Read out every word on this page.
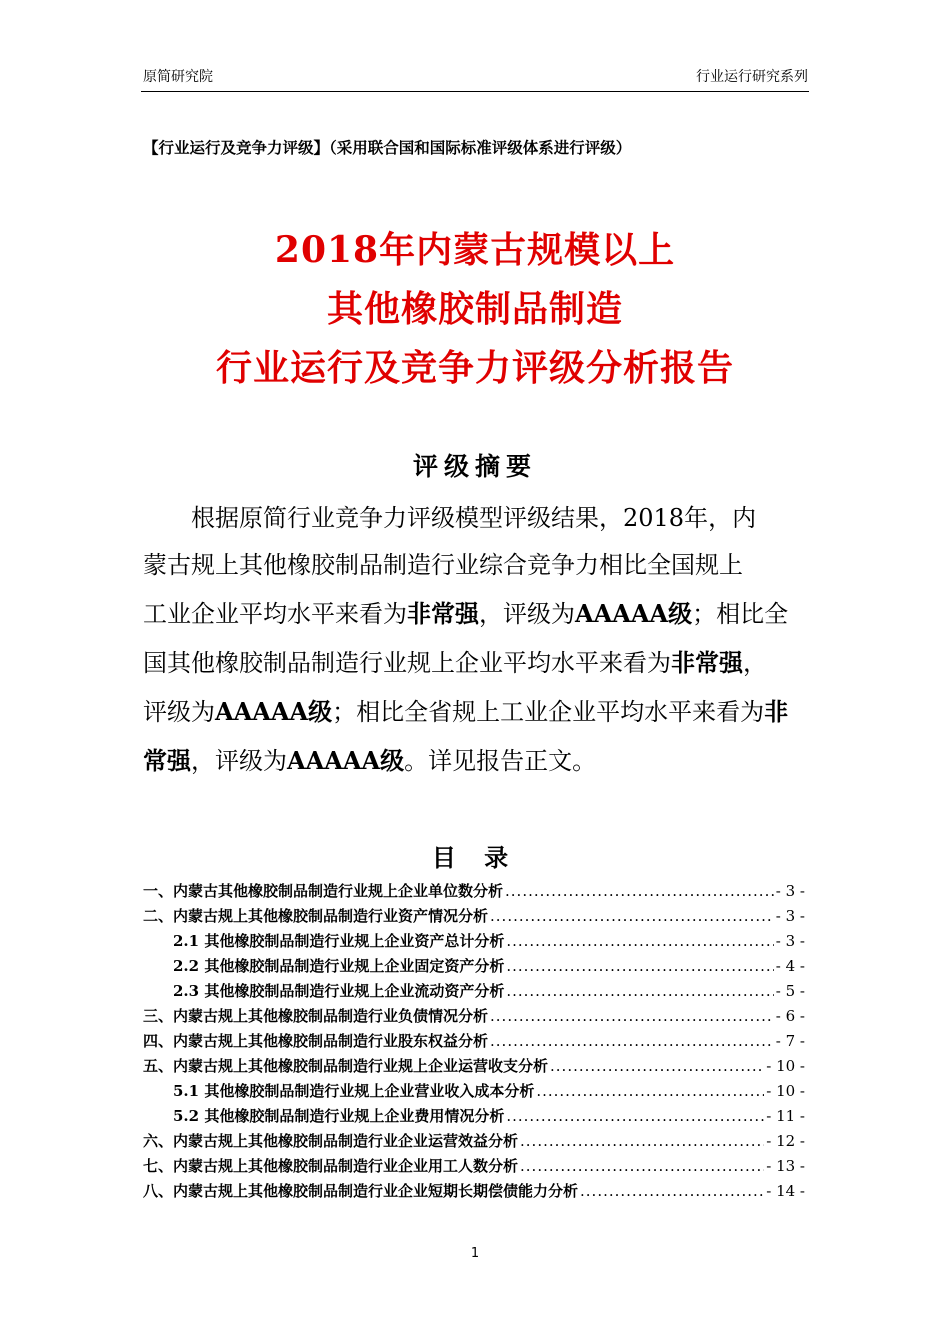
原简研究院	行业运行研究系列
【行业运行及竞争力评级】（采用联合国和国际标准评级体系进行评级）
2018年内蒙古规模以上
其他橡胶制品制造
行业运行及竞争力评级分析报告
评级摘要
　　根据原简行业竞争力评级模型评级结果，2018年，内
蒙古规上其他橡胶制品制造行业综合竞争力相比全国规上
工业企业平均水平来看为非常强，评级为AAAAA级；相比全
国其他橡胶制品制造行业规上企业平均水平来看为非常强，
评级为AAAAA级；相比全省规上工业企业平均水平来看为非
常强，评级为AAAAA级。详见报告正文。
目 录
一、内蒙古其他橡胶制品制造行业规上企业单位数分析 .....	- 3 -
二、内蒙古规上其他橡胶制品制造行业资产情况分析 .....	- 3 -
2.1 其他橡胶制品制造行业规上企业资产总计分析 .....	- 3 -
2.2 其他橡胶制品制造行业规上企业固定资产分析 .....	- 4 -
2.3 其他橡胶制品制造行业规上企业流动资产分析 .....	- 5 -
三、内蒙古规上其他橡胶制品制造行业负债情况分析 .....	- 6 -
四、内蒙古规上其他橡胶制品制造行业股东权益分析 .....	- 7 -
五、内蒙古规上其他橡胶制品制造行业规上企业运营收支分析 .....	- 10 -
5.1 其他橡胶制品制造行业规上企业营业收入成本分析 .....	- 10 -
5.2 其他橡胶制品制造行业规上企业费用情况分析 .....	- 11 -
六、内蒙古规上其他橡胶制品制造行业企业运营效益分析 .....	- 12 -
七、内蒙古规上其他橡胶制品制造行业企业用工人数分析 .....	- 13 -
八、内蒙古规上其他橡胶制品制造行业企业短期长期偿债能力分析 .....	- 14 -
1
